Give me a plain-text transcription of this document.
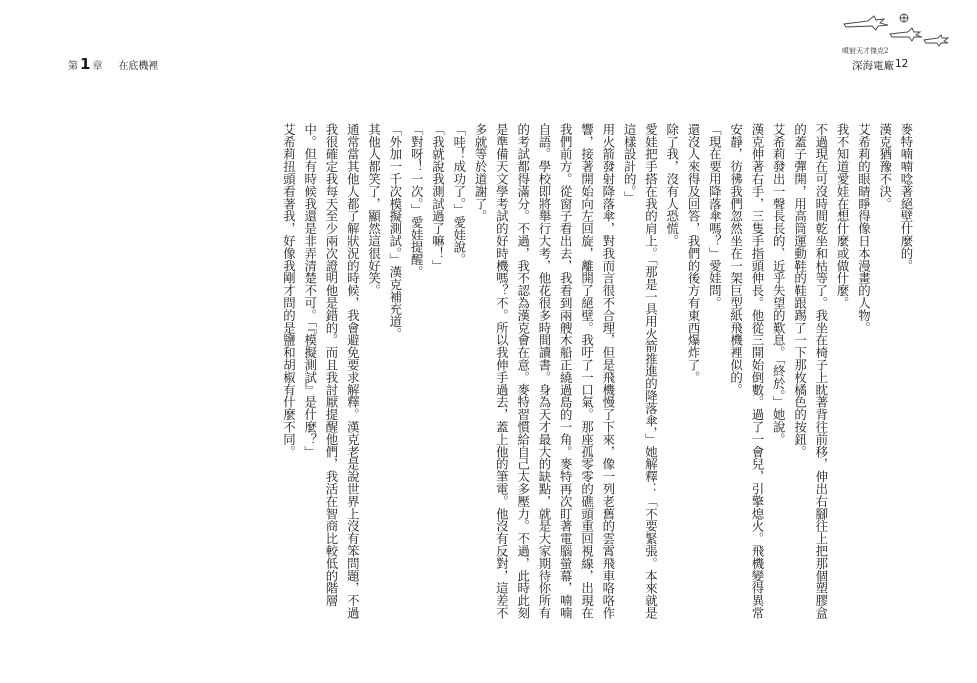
第 1 章 在底機裡
噴射天才傑克2
深海電廠 12

麥特喃喃唸著絕壁什麼的。

漢克猶豫不決。

艾希莉的眼睛睜得像日本漫畫的人物。

我不知道愛娃在想什麼或做什麼。

不過現在可沒時間乾坐和枯等了。我坐在椅子上眈著背往前移，伸出右腳往上把那個塑膠盒的蓋子彈開，用高筒運動鞋的鞋跟踢了一下那枚橘色的按鈕。

艾希莉發出一聲長長的、近乎失望的歎息。「終於。」她說。

漢克伸著右手，三隻手指頭伸長。他從三開始倒數。過了一會兒，引擎熄火。飛機變得異常安靜，彷彿我們忽然坐在一架巨型紙飛機裡似的。

「現在要用降落傘嗎？」愛娃問。

還沒人來得及回答，我們的後方有東西爆炸了。

除了我，沒有人恐慌。

愛娃把手搭在我的肩上。「那是一具用火箭推進的降落傘，」她解釋：「不要緊張。本來就是這樣設計的。」

用火箭發射降落傘，對我而言很不合理，但是飛機慢了下來，像一列老舊的雲霄飛車咯咯作響，接著開始向左回旋，離開了絕壁。我吁了一口氣。那座孤零零的礁頭重回視線，出現在我們前方。從窗子看出去，我看到兩艘木船正繞過島的一角。麥特再次盯著電腦螢幕，喃喃自語。學校即將舉行大考，他花很多時間讀書。身為天才最大的缺點，就是大家期待你所有的考試都得滿分。不過，我不認為漢克會在意。麥特習慣給自己太多壓力。不過，此時此刻是準備天文學考試的好時機嗎？不。所以我伸手過去，蓋上他的筆電。他沒有反對，這差不多就等於道謝了。

「哇！成功了。」愛娃說。

「我就說我測試過了嘛！」

「對呀！一次。」愛娃提醒。

「外加一千次模擬測試。」漢克補充道。

其他人都笑了，顯然這很好笑。

通常當其他人都了解狀況的時候，我會避免要求解釋。漢克老是說世界上沒有笨問題，不過我很確定我每天至少兩次證明他是錯的。而且我討厭提醒他們，我活在智商比較低的階層中。但有時候我還是非弄清楚不可。「『模擬測試』是什麼？」

艾希莉扭頭看著我，好像我剛才問的是鹽和胡椒有什麼不同。
